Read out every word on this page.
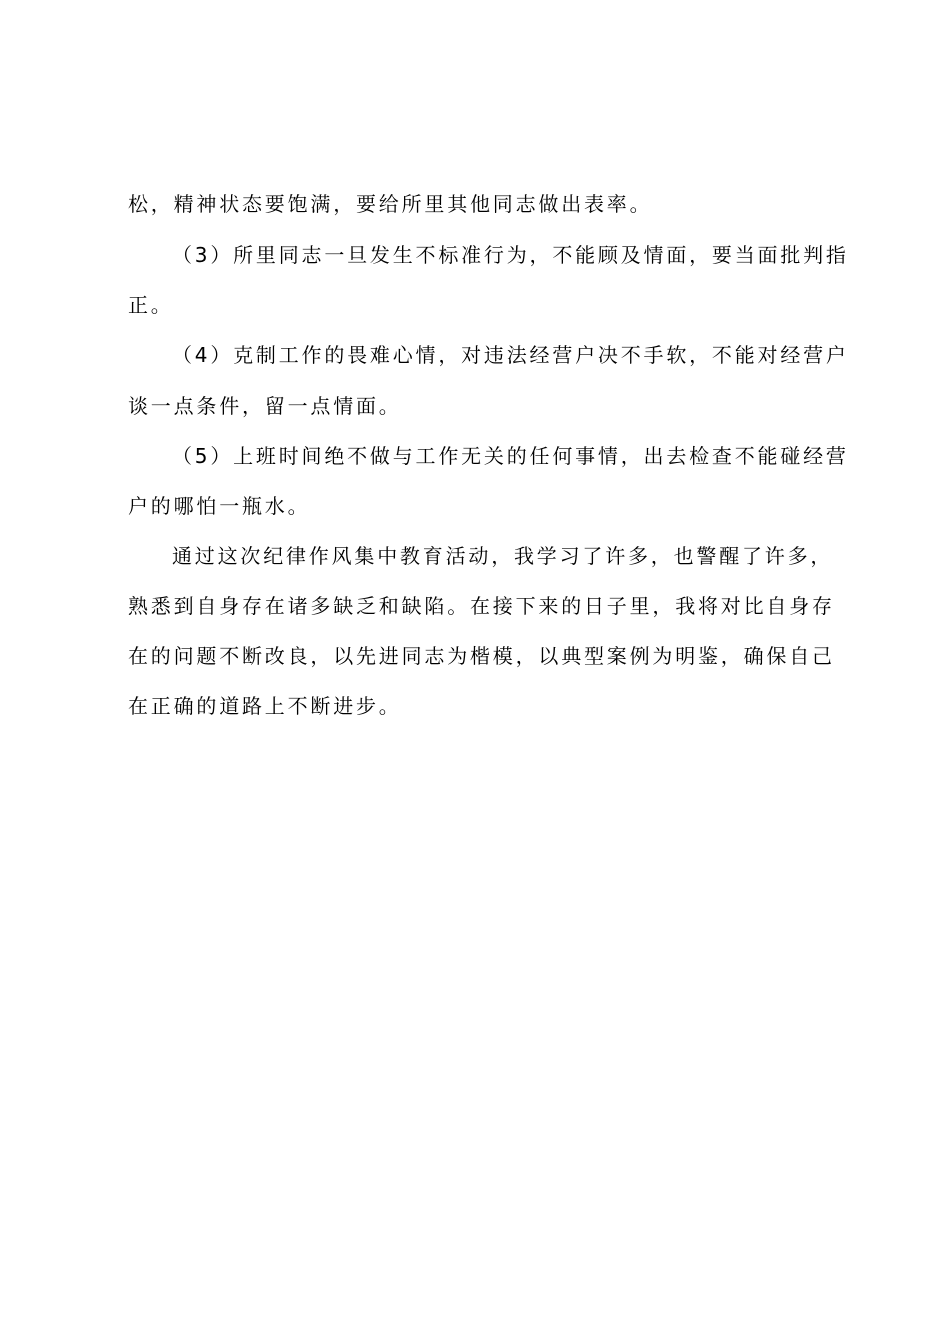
松，精神状态要饱满，要给所里其他同志做出表率。
（3）所里同志一旦发生不标准行为，不能顾及情面，要当面批判指
正。
（4）克制工作的畏难心情，对违法经营户决不手软，不能对经营户
谈一点条件，留一点情面。
（5）上班时间绝不做与工作无关的任何事情，出去检查不能碰经营
户的哪怕一瓶水。
通过这次纪律作风集中教育活动，我学习了许多，也警醒了许多，
熟悉到自身存在诸多缺乏和缺陷。在接下来的日子里，我将对比自身存
在的问题不断改良，以先进同志为楷模，以典型案例为明鉴，确保自己
在正确的道路上不断进步。
